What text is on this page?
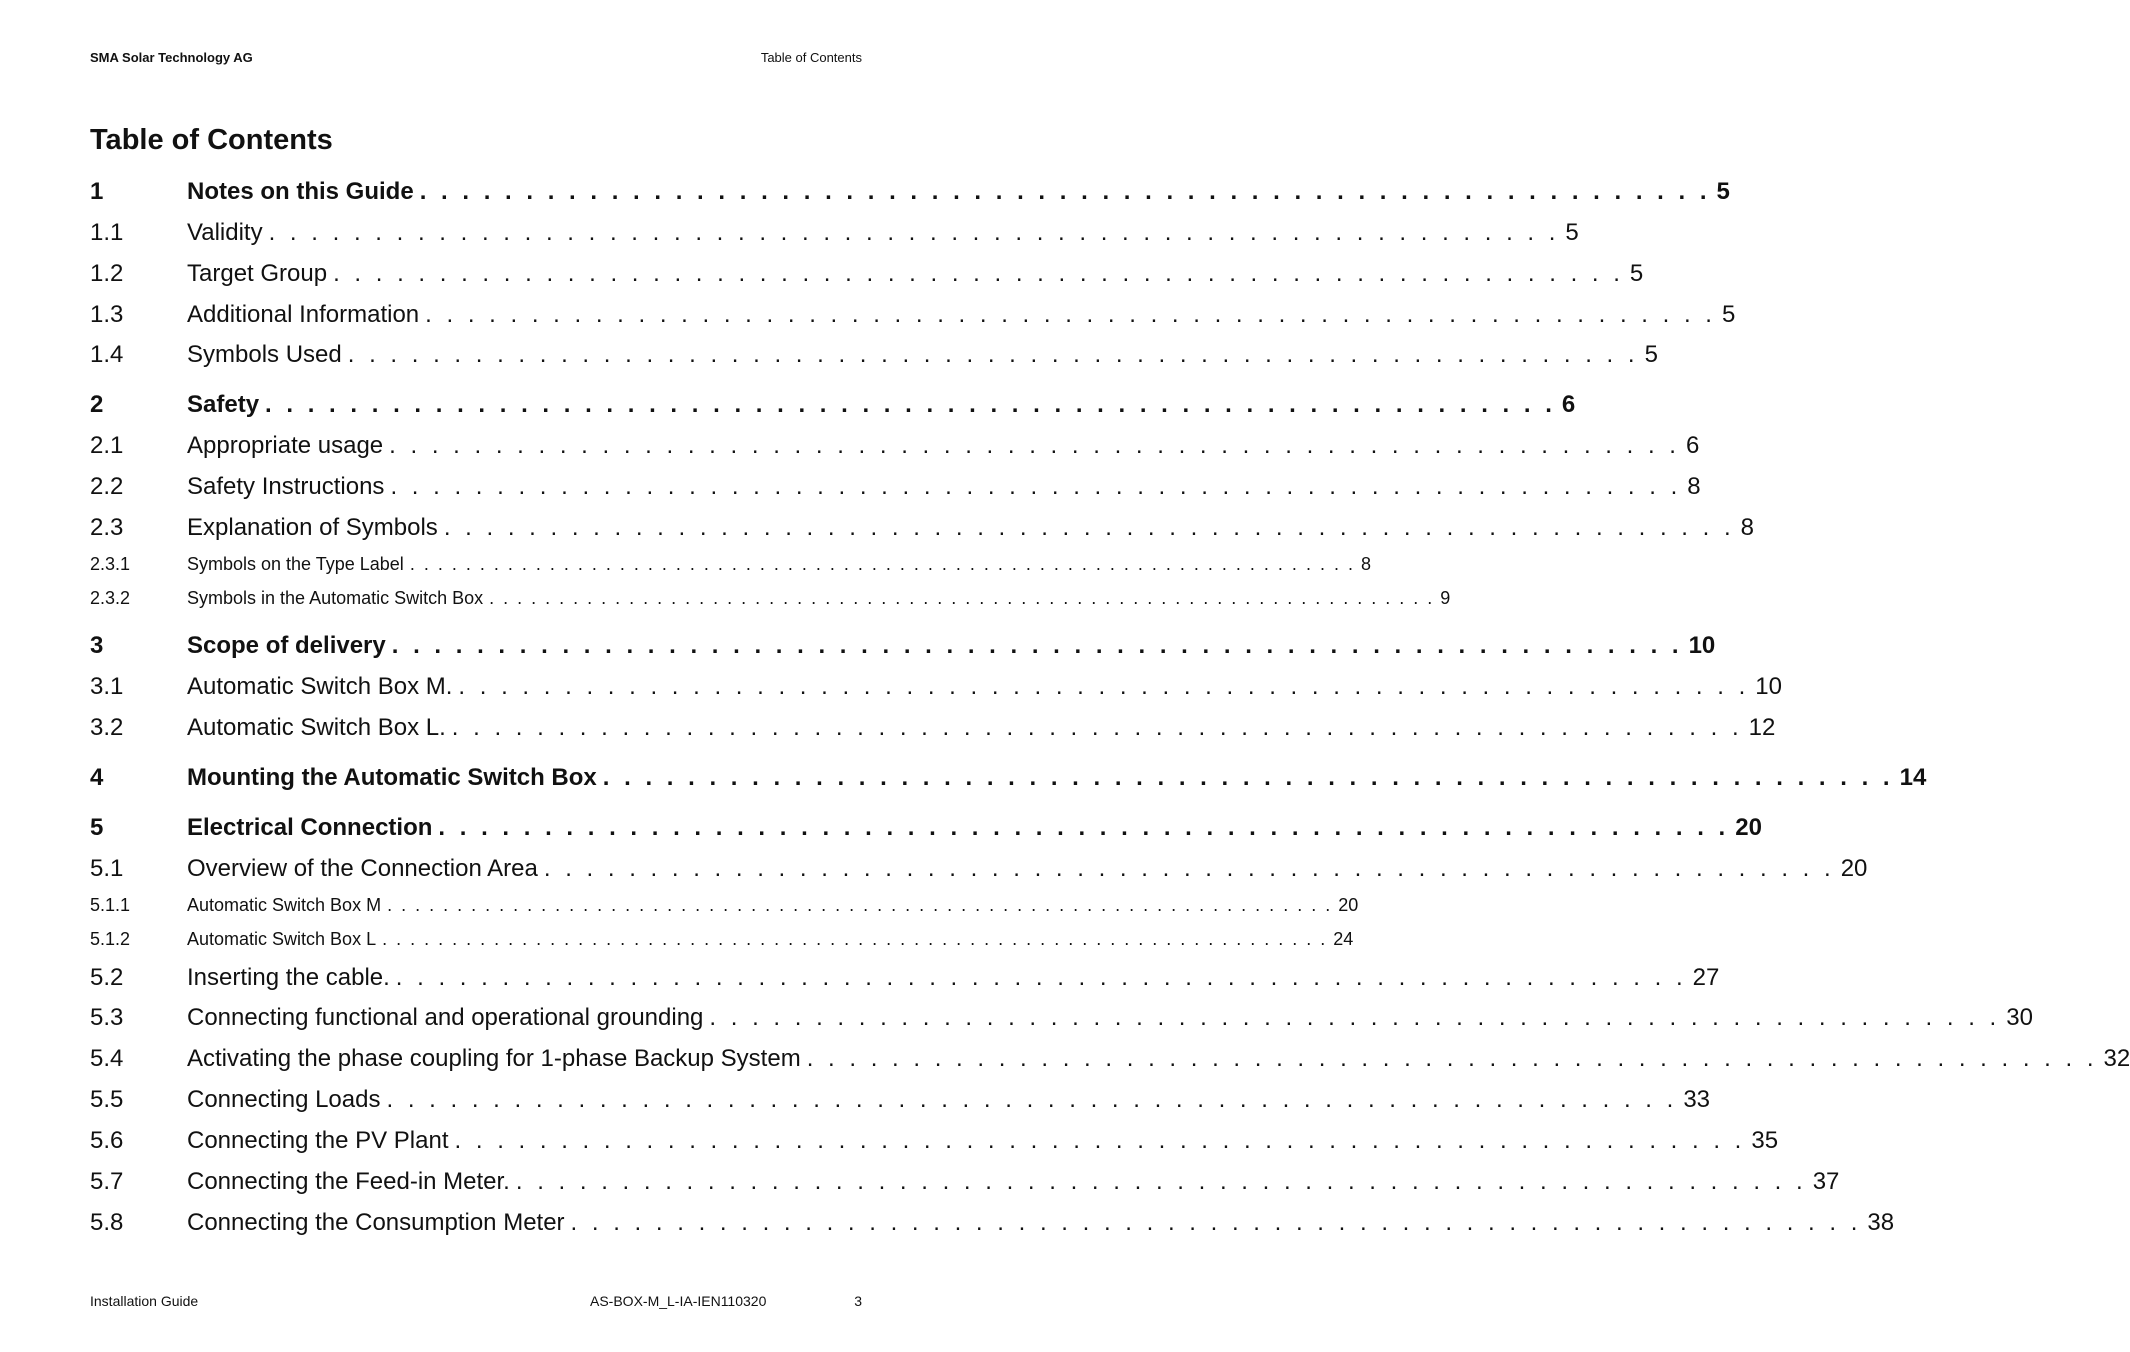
SMA Solar Technology AG	Table of Contents
Table of Contents
1	Notes on this Guide . . . . . . . . . . . . . . . . . . . . . . . . . . . . . . . . . . . . . . . . . . . . . . . . . . . . . . . . . . . . . 5
1.1	Validity . . . . . . . . . . . . . . . . . . . . . . . . . . . . . . . . . . . . . . . . . . . . . . . . . . . . . . . . . . . . . 5
1.2	Target Group . . . . . . . . . . . . . . . . . . . . . . . . . . . . . . . . . . . . . . . . . . . . . . . . . . . . . . . . . . . . . 5
1.3	Additional Information . . . . . . . . . . . . . . . . . . . . . . . . . . . . . . . . . . . . . . . . . . . . . . . . . . . . . . . . . . . . . 5
1.4	Symbols Used . . . . . . . . . . . . . . . . . . . . . . . . . . . . . . . . . . . . . . . . . . . . . . . . . . . . . . . . . . . . . 5
2	Safety . . . . . . . . . . . . . . . . . . . . . . . . . . . . . . . . . . . . . . . . . . . . . . . . . . . . . . . . . . . . . 6
2.1	Appropriate usage . . . . . . . . . . . . . . . . . . . . . . . . . . . . . . . . . . . . . . . . . . . . . . . . . . . . . . . . . . . . . 6
2.2	Safety Instructions . . . . . . . . . . . . . . . . . . . . . . . . . . . . . . . . . . . . . . . . . . . . . . . . . . . . . . . . . . . . . 8
2.3	Explanation of Symbols . . . . . . . . . . . . . . . . . . . . . . . . . . . . . . . . . . . . . . . . . . . . . . . . . . . . . . . . . . . . . 8
2.3.1	Symbols on the Type Label . . . . . . . . . . . . . . . . . . . . . . . . . . . . . . . . . . . . . . . . . . . . . . . . . . . . . . . . . . . . . . . . . . . . 8
2.3.2	Symbols in the Automatic Switch Box . . . . . . . . . . . . . . . . . . . . . . . . . . . . . . . . . . . . . . . . . . . . . . . . . . . . . . . . . . . . . . . . . . . . 9
3	Scope of delivery . . . . . . . . . . . . . . . . . . . . . . . . . . . . . . . . . . . . . . . . . . . . . . . . . . . . . . . . . . . . . 10
3.1	Automatic Switch Box M. . . . . . . . . . . . . . . . . . . . . . . . . . . . . . . . . . . . . . . . . . . . . . . . . . . . . . . . . . . . . . 10
3.2	Automatic Switch Box L. . . . . . . . . . . . . . . . . . . . . . . . . . . . . . . . . . . . . . . . . . . . . . . . . . . . . . . . . . . . . . 12
4	Mounting the Automatic Switch Box . . . . . . . . . . . . . . . . . . . . . . . . . . . . . . . . . . . . . . . . . . . . . . . . . . . . . . . . . . . . . 14
5	Electrical Connection . . . . . . . . . . . . . . . . . . . . . . . . . . . . . . . . . . . . . . . . . . . . . . . . . . . . . . . . . . . . . 20
5.1	Overview of the Connection Area . . . . . . . . . . . . . . . . . . . . . . . . . . . . . . . . . . . . . . . . . . . . . . . . . . . . . . . . . . . . . 20
5.1.1	Automatic Switch Box M . . . . . . . . . . . . . . . . . . . . . . . . . . . . . . . . . . . . . . . . . . . . . . . . . . . . . . . . . . . . . . . . . . . . 20
5.1.2	Automatic Switch Box L . . . . . . . . . . . . . . . . . . . . . . . . . . . . . . . . . . . . . . . . . . . . . . . . . . . . . . . . . . . . . . . . . . . . 24
5.2	Inserting the cable. . . . . . . . . . . . . . . . . . . . . . . . . . . . . . . . . . . . . . . . . . . . . . . . . . . . . . . . . . . . . . 27
5.3	Connecting functional and operational grounding . . . . . . . . . . . . . . . . . . . . . . . . . . . . . . . . . . . . . . . . . . . . . . . . . . . . . . . . . . . . . 30
5.4	Activating the phase coupling for 1-phase Backup System . . . . . . . . . . . . . . . . . . . . . . . . . . . . . . . . . . . . . . . . . . . . . . . . . . . . . . . . . . . . . 32
5.5	Connecting Loads . . . . . . . . . . . . . . . . . . . . . . . . . . . . . . . . . . . . . . . . . . . . . . . . . . . . . . . . . . . . . 33
5.6	Connecting the PV Plant . . . . . . . . . . . . . . . . . . . . . . . . . . . . . . . . . . . . . . . . . . . . . . . . . . . . . . . . . . . . . 35
5.7	Connecting the Feed-in Meter. . . . . . . . . . . . . . . . . . . . . . . . . . . . . . . . . . . . . . . . . . . . . . . . . . . . . . . . . . . . . . 37
5.8	Connecting the Consumption Meter . . . . . . . . . . . . . . . . . . . . . . . . . . . . . . . . . . . . . . . . . . . . . . . . . . . . . . . . . . . . . 38
Installation Guide	AS-BOX-M_L-IA-IEN110320	3
